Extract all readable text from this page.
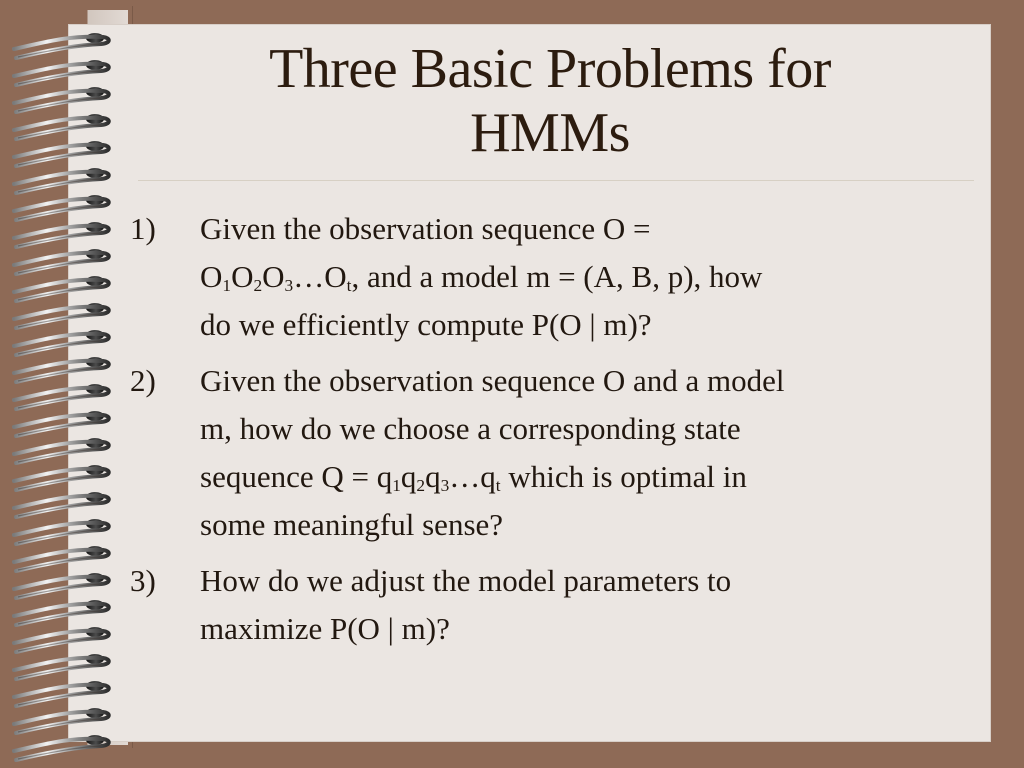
Three Basic Problems for
HMMs
1)	Given the observation sequence O =
$O_1O_2O_3\dots O_t$, and a model m = (A, B, p), how
do we efficiently compute P(O | m)?
2)	Given the observation sequence O and a model
m, how do we choose a corresponding state
sequence $Q = q_1q_2q_3\dots q_t$ which is optimal in
some meaningful sense?
3)	How do we adjust the model parameters to
maximize P(O | m)?
